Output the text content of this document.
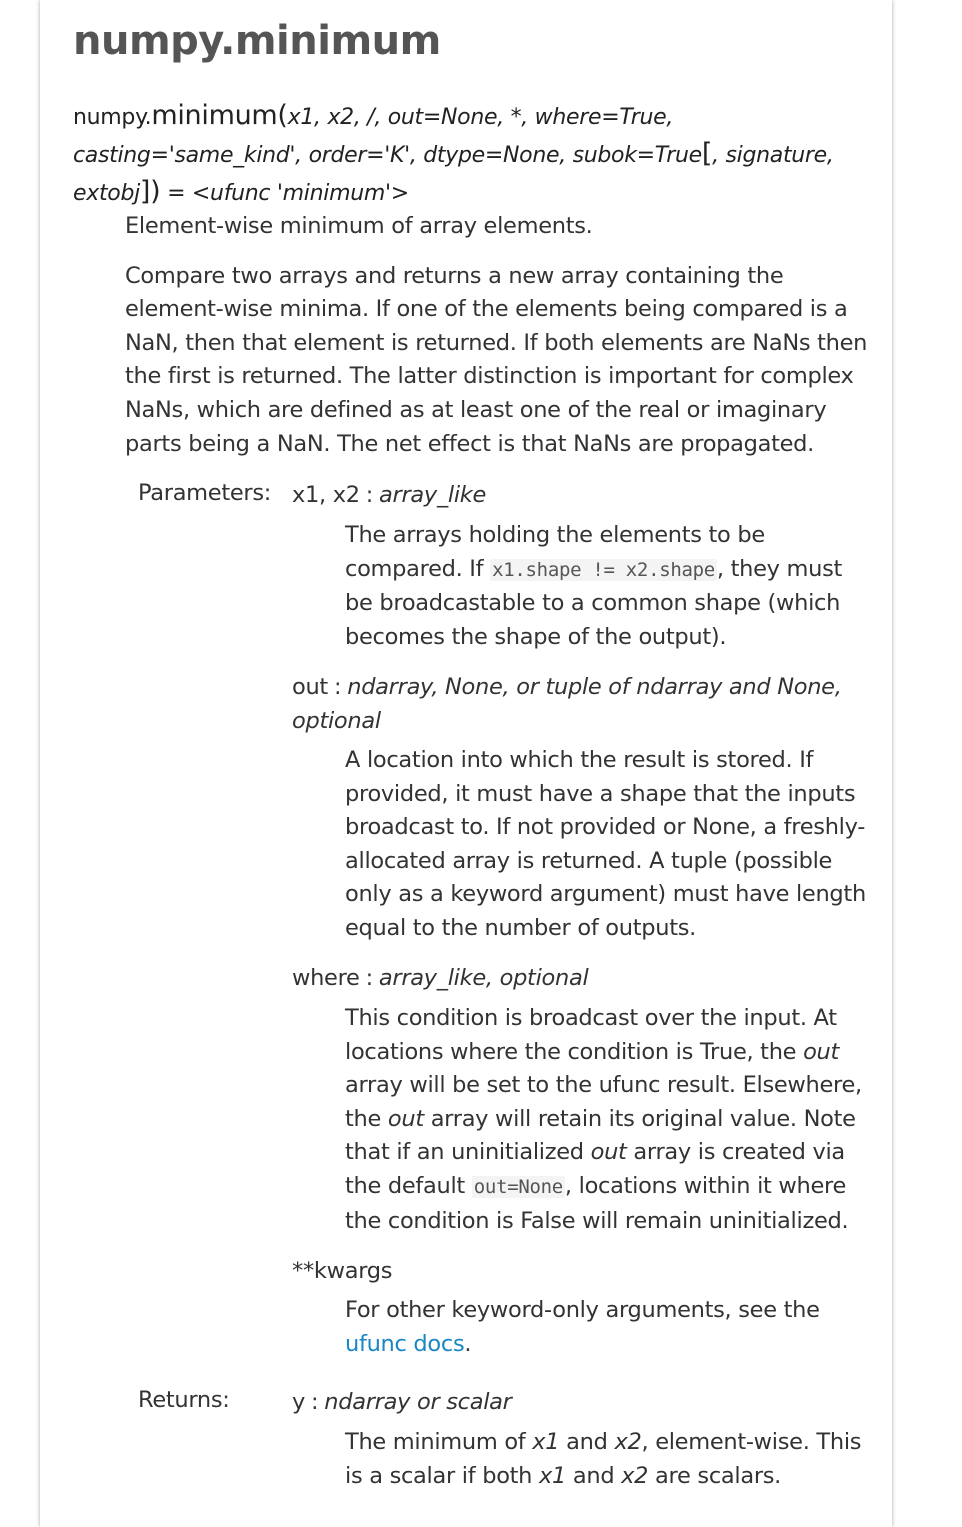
numpy.minimum
numpy.minimum(x1, x2, /, out=None, *, where=True,
casting='same_kind', order='K', dtype=None, subok=True[, signature, extobj]) = <ufunc 'minimum'>

Element-wise minimum of array elements.

Compare two arrays and returns a new array containing the element-wise minima. If one of the elements being compared is a NaN, then that element is returned. If both elements are NaNs then the first is returned. The latter distinction is important for complex NaNs, which are defined as at least one of the real or imaginary parts being a NaN. The net effect is that NaNs are propagated.

Parameters: x1, x2 : array_like
The arrays holding the elements to be compared. If x1.shape != x2.shape, they must be broadcastable to a common shape (which becomes the shape of the output).
out : ndarray, None, or tuple of ndarray and None, optional
A location into which the result is stored. If provided, it must have a shape that the inputs broadcast to. If not provided or None, a freshly-allocated array is returned. A tuple (possible only as a keyword argument) must have length equal to the number of outputs.
where : array_like, optional
This condition is broadcast over the input. At locations where the condition is True, the out array will be set to the ufunc result. Elsewhere, the out array will retain its original value. Note that if an uninitialized out array is created via the default out=None, locations within it where the condition is False will remain uninitialized.
**kwargs
For other keyword-only arguments, see the ufunc docs.
Returns:	y : ndarray or scalar
The minimum of x1 and x2, element-wise. This is a scalar if both x1 and x2 are scalars.
